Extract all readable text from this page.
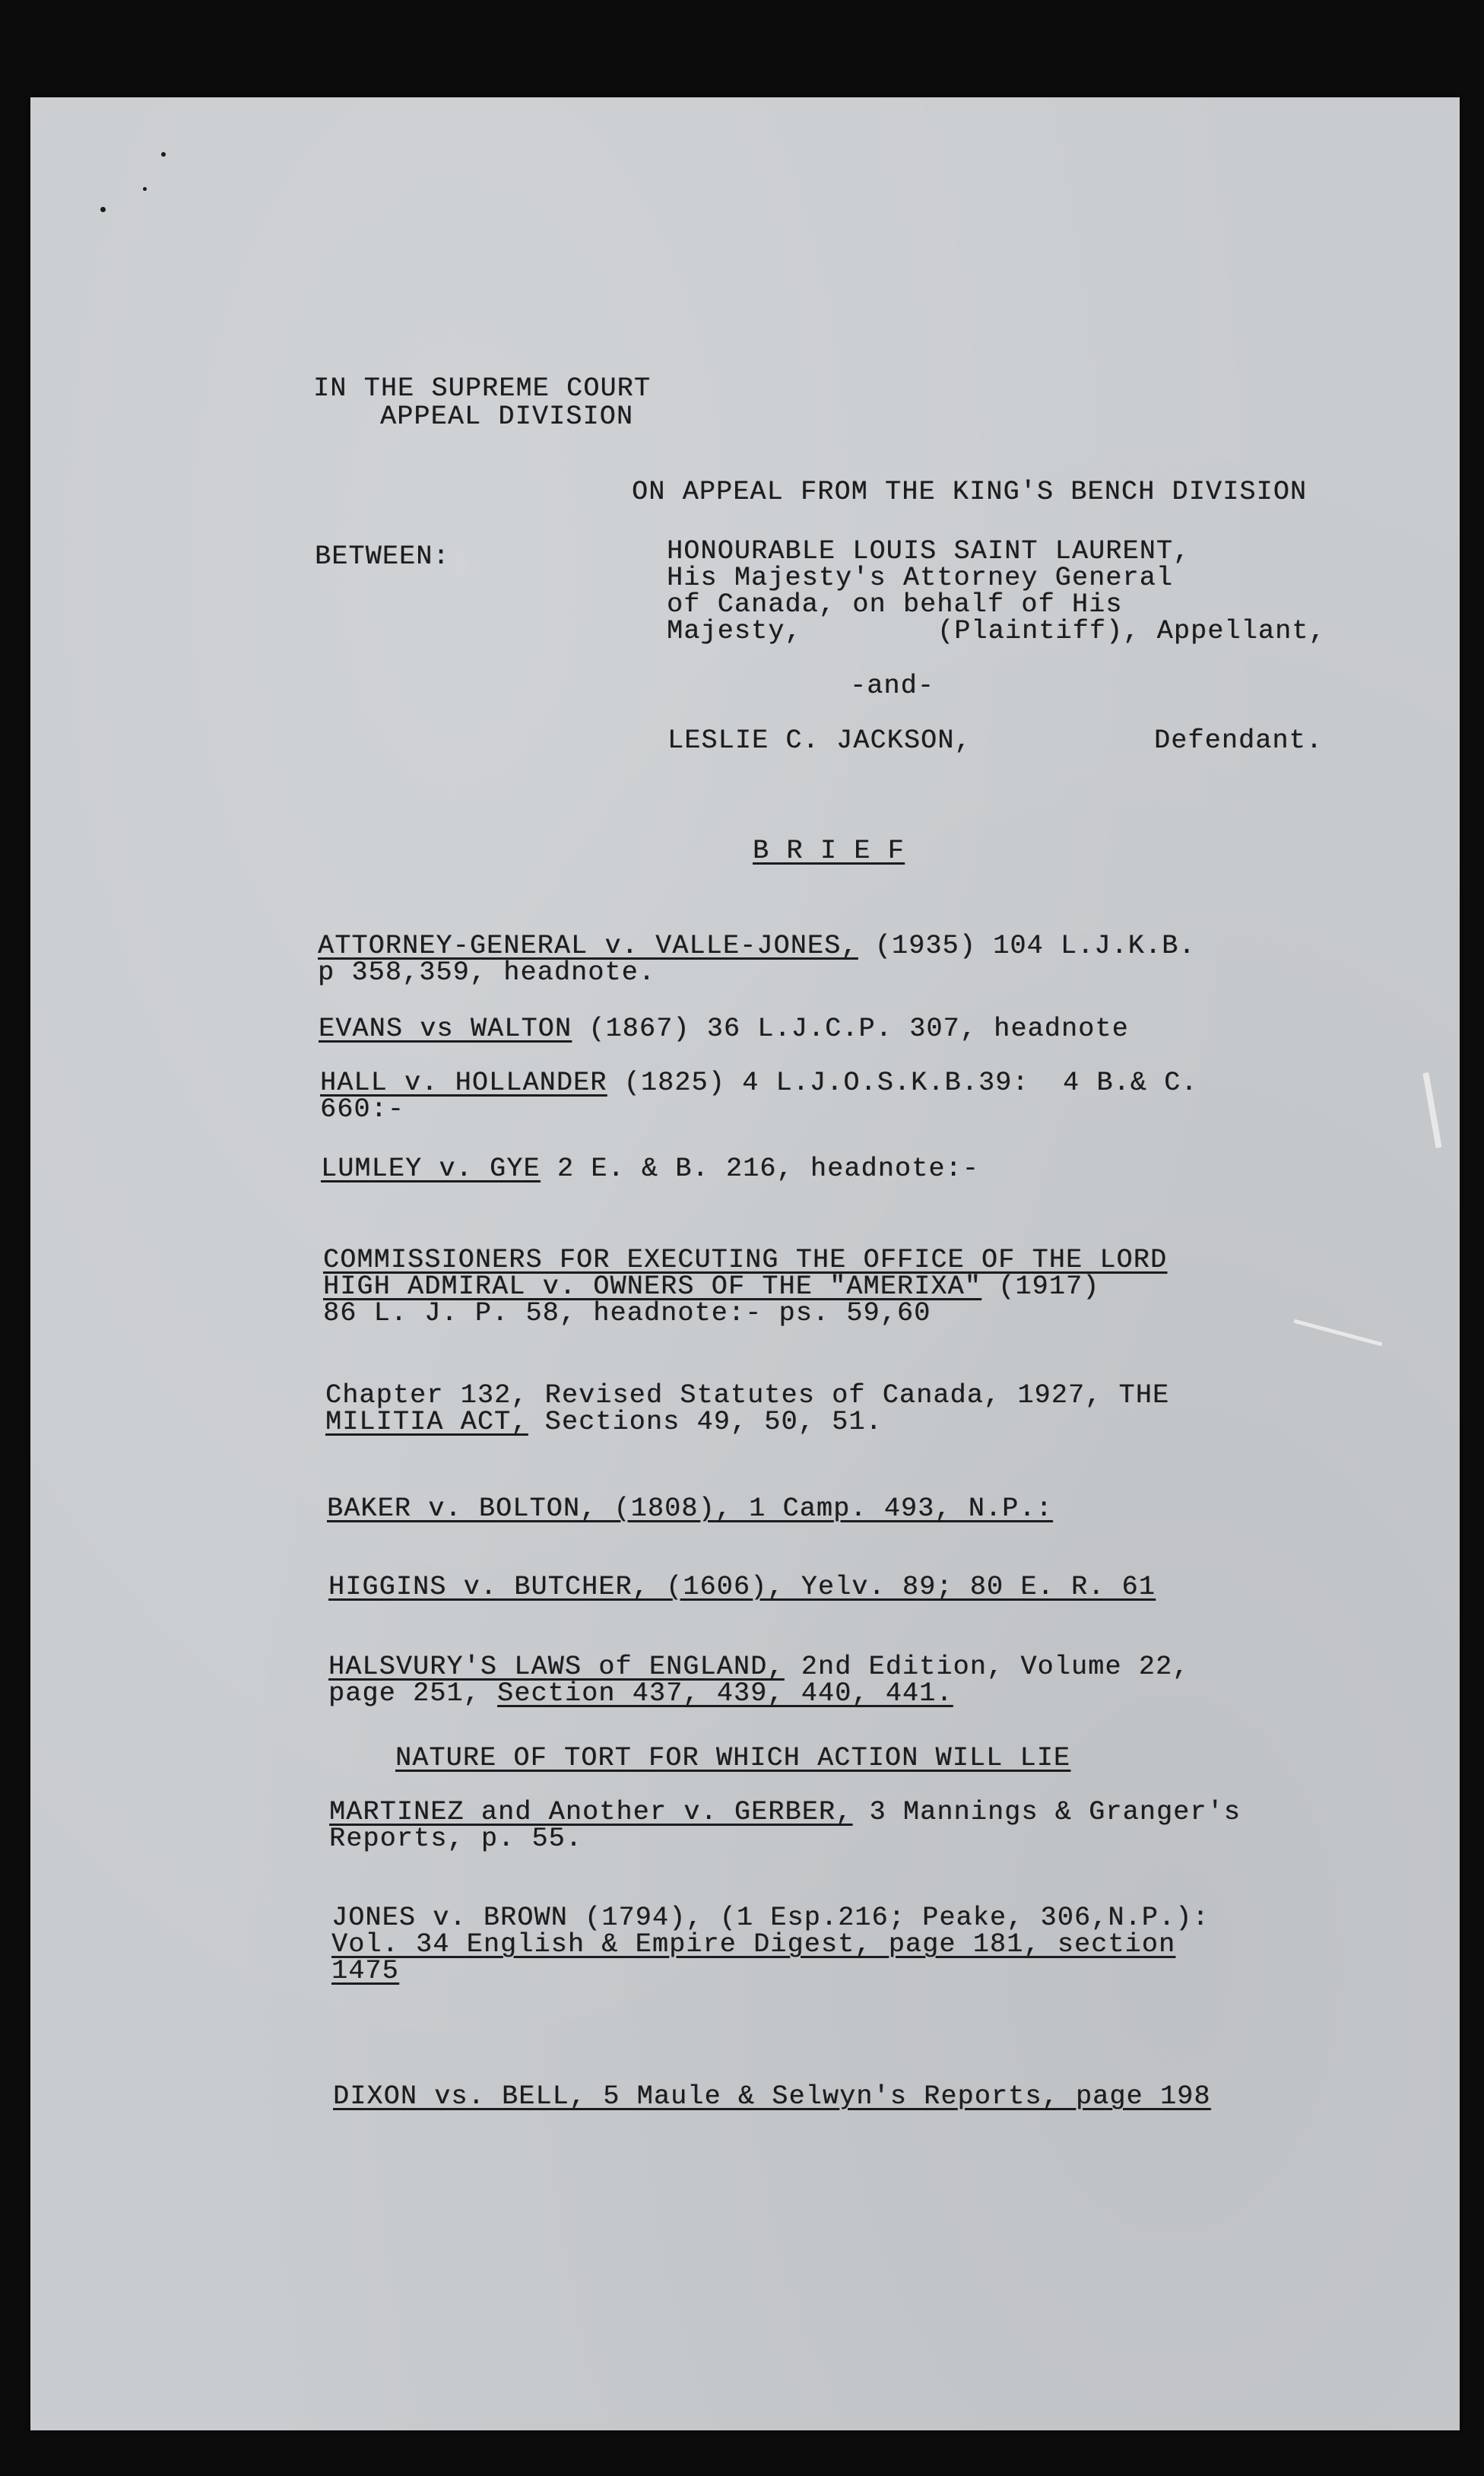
IN THE SUPREME COURT
APPEAL DIVISION
ON APPEAL FROM THE KING'S BENCH DIVISION
BETWEEN:	HONOURABLE LOUIS SAINT LAURENT,
His Majesty's Attorney General
of Canada, on behalf of His
Majesty,	(Plaintiff), Appellant,
-and-
LESLIE C. JACKSON,	Defendant.
B R I E F
ATTORNEY-GENERAL v. VALLE-JONES, (1935) 104 L.J.K.B.
p 358,359, headnote.
EVANS vs WALTON (1867) 36 L.J.C.P. 307, headnote
HALL v. HOLLANDER (1825) 4 L.J.O.S.K.B.39:  4 B.& C.
660:-
LUMLEY v. GYE 2 E. & B. 216, headnote:-
COMMISSIONERS FOR EXECUTING THE OFFICE OF THE LORD
HIGH ADMIRAL v. OWNERS OF THE "AMERIXA" (1917)
86 L. J. P. 58, headnote:- ps. 59,60
Chapter 132, Revised Statutes of Canada, 1927, THE
MILITIA ACT, Sections 49, 50, 51.
BAKER v. BOLTON, (1808), 1 Camp. 493, N.P.:
HIGGINS v. BUTCHER, (1606), Yelv. 89; 80 E. R. 61
HALSVURY'S LAWS of ENGLAND, 2nd Edition, Volume 22,
page 251, Section 437, 439, 440, 441.
NATURE OF TORT FOR WHICH ACTION WILL LIE
MARTINEZ and Another v. GERBER, 3 Mannings & Granger's
Reports, p. 55.
JONES v. BROWN (1794), (1 Esp.216; Peake, 306,N.P.):
Vol. 34 English & Empire Digest, page 181, section
1475
DIXON vs. BELL, 5 Maule & Selwyn's Reports, page 198
